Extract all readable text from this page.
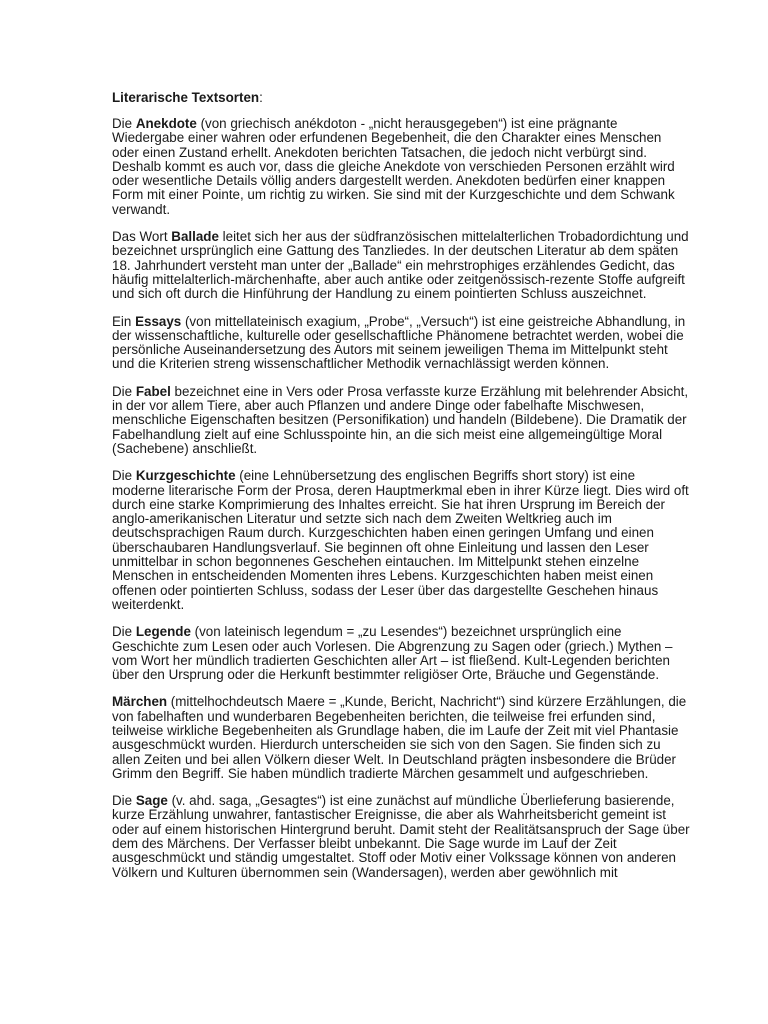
Literarische Textsorten:

Die Anekdote (von griechisch anékdoton - „nicht herausgegeben“) ist eine prägnante
Wiedergabe einer wahren oder erfundenen Begebenheit, die den Charakter eines Menschen
oder einen Zustand erhellt. Anekdoten berichten Tatsachen, die jedoch nicht verbürgt sind.
Deshalb kommt es auch vor, dass die gleiche Anekdote von verschieden Personen erzählt wird
oder wesentliche Details völlig anders dargestellt werden. Anekdoten bedürfen einer knappen
Form mit einer Pointe, um richtig zu wirken. Sie sind mit der Kurzgeschichte und dem Schwank
verwandt.

Das Wort Ballade leitet sich her aus der südfranzösischen mittelalterlichen Trobadordichtung und
bezeichnet ursprünglich eine Gattung des Tanzliedes. In der deutschen Literatur ab dem späten
18. Jahrhundert versteht man unter der „Ballade“ ein mehrstrophiges erzählendes Gedicht, das
häufig mittelalterlich-märchenhafte, aber auch antike oder zeitgenössisch-rezente Stoffe aufgreift
und sich oft durch die Hinführung der Handlung zu einem pointierten Schluss auszeichnet.

Ein Essays (von mittellateinisch exagium, „Probe“, „Versuch“) ist eine geistreiche Abhandlung, in
der wissenschaftliche, kulturelle oder gesellschaftliche Phänomene betrachtet werden, wobei die
persönliche Auseinandersetzung des Autors mit seinem jeweiligen Thema im Mittelpunkt steht
und die Kriterien streng wissenschaftlicher Methodik vernachlässigt werden können.

Die Fabel bezeichnet eine in Vers oder Prosa verfasste kurze Erzählung mit belehrender Absicht,
in der vor allem Tiere, aber auch Pflanzen und andere Dinge oder fabelhafte Mischwesen,
menschliche Eigenschaften besitzen (Personifikation) und handeln (Bildebene). Die Dramatik der
Fabelhandlung zielt auf eine Schlusspointe hin, an die sich meist eine allgemeingültige Moral
(Sachebene) anschließt.

Die Kurzgeschichte (eine Lehnübersetzung des englischen Begriffs short story) ist eine
moderne literarische Form der Prosa, deren Hauptmerkmal eben in ihrer Kürze liegt. Dies wird oft
durch eine starke Komprimierung des Inhaltes erreicht. Sie hat ihren Ursprung im Bereich der
anglo-amerikanischen Literatur und setzte sich nach dem Zweiten Weltkrieg auch im
deutschsprachigen Raum durch. Kurzgeschichten haben einen geringen Umfang und einen
überschaubaren Handlungsverlauf. Sie beginnen oft ohne Einleitung und lassen den Leser
unmittelbar in schon begonnenes Geschehen eintauchen. Im Mittelpunkt stehen einzelne
Menschen in entscheidenden Momenten ihres Lebens. Kurzgeschichten haben meist einen
offenen oder pointierten Schluss, sodass der Leser über das dargestellte Geschehen hinaus
weiterdenkt.

Die Legende (von lateinisch legendum = „zu Lesendes“) bezeichnet ursprünglich eine
Geschichte zum Lesen oder auch Vorlesen. Die Abgrenzung zu Sagen oder (griech.) Mythen –
vom Wort her mündlich tradierten Geschichten aller Art – ist fließend. Kult-Legenden berichten
über den Ursprung oder die Herkunft bestimmter religiöser Orte, Bräuche und Gegenstände.

Märchen (mittelhochdeutsch Maere = „Kunde, Bericht, Nachricht“) sind kürzere Erzählungen, die
von fabelhaften und wunderbaren Begebenheiten berichten, die teilweise frei erfunden sind,
teilweise wirkliche Begebenheiten als Grundlage haben, die im Laufe der Zeit mit viel Phantasie
ausgeschmückt wurden. Hierdurch unterscheiden sie sich von den Sagen. Sie finden sich zu
allen Zeiten und bei allen Völkern dieser Welt. In Deutschland prägten insbesondere die Brüder
Grimm den Begriff. Sie haben mündlich tradierte Märchen gesammelt und aufgeschrieben.

Die Sage (v. ahd. saga, „Gesagtes“) ist eine zunächst auf mündliche Überlieferung basierende,
kurze Erzählung unwahrer, fantastischer Ereignisse, die aber als Wahrheitsbericht gemeint ist
oder auf einem historischen Hintergrund beruht. Damit steht der Realitätsanspruch der Sage über
dem des Märchens. Der Verfasser bleibt unbekannt. Die Sage wurde im Lauf der Zeit
ausgeschmückt und ständig umgestaltet. Stoff oder Motiv einer Volkssage können von anderen
Völkern und Kulturen übernommen sein (Wandersagen), werden aber gewöhnlich mit
